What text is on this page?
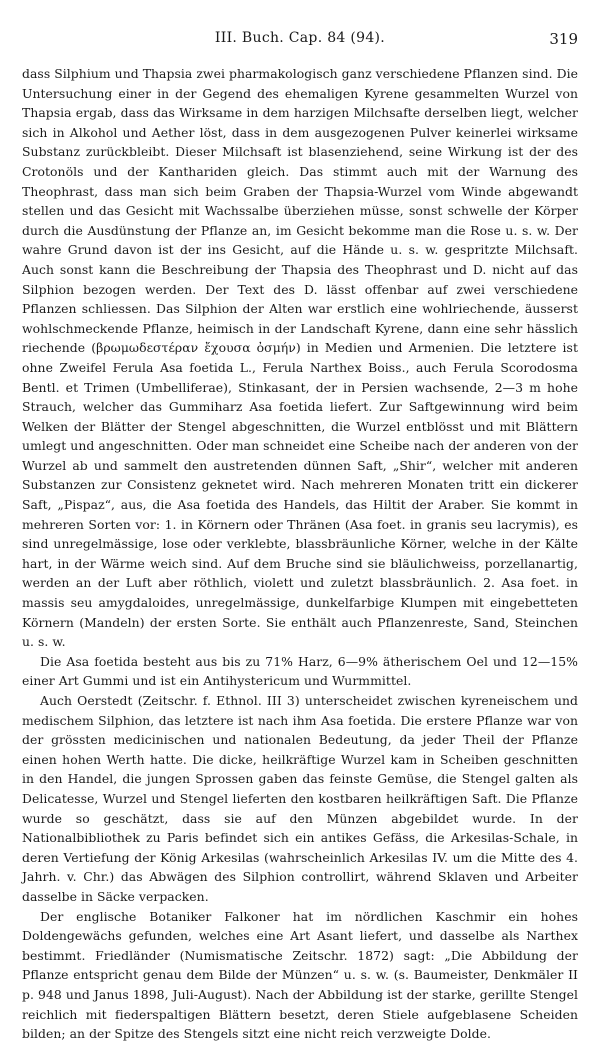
III. Buch. Cap. 84 (94).	319

dass Silphium und Thapsia zwei pharmakologisch ganz verschiedene Pflanzen sind. Die Untersuchung einer in der Gegend des ehemaligen Kyrene gesammelten Wurzel von Thapsia ergab, dass das Wirksame in dem harzigen Milchsafte derselben liegt, welcher sich in Alkohol und Aether löst, dass in dem ausgezogenen Pulver keinerlei wirksame Substanz zurückbleibt. Dieser Milchsaft ist blasenziehend, seine Wirkung ist der des Crotonöls und der Kanthariden gleich. Das stimmt auch mit der Warnung des Theophrast, dass man sich beim Graben der Thapsia-Wurzel vom Winde abgewandt stellen und das Gesicht mit Wachssalbe überziehen müsse, sonst schwelle der Körper durch die Ausdünstung der Pflanze an, im Gesicht bekomme man die Rose u. s. w. Der wahre Grund davon ist der ins Gesicht, auf die Hände u. s. w. gespritzte Milchsaft. Auch sonst kann die Beschreibung der Thapsia des Theophrast und D. nicht auf das Silphion bezogen werden. Der Text des D. lässt offenbar auf zwei verschiedene Pflanzen schliessen. Das Silphion der Alten war erstlich eine wohlriechende, äusserst wohlschmeckende Pflanze, heimisch in der Landschaft Kyrene, dann eine sehr hässlich riechende (βρωμωδεστέραν ἔχουσα ὀσμήν) in Medien und Armenien. Die letztere ist ohne Zweifel Ferula Asa foetida L., Ferula Narthex Boiss., auch Ferula Scorodosma Bentl. et Trimen (Umbelliferae), Stinkasant, der in Persien wachsende, 2—3 m hohe Strauch, welcher das Gummiharz Asa foetida liefert. Zur Saftgewinnung wird beim Welken der Blätter der Stengel abgeschnitten, die Wurzel entblösst und mit Blättern umlegt und angeschnitten. Oder man schneidet eine Scheibe nach der anderen von der Wurzel ab und sammelt den austretenden dünnen Saft, „Shir“, welcher mit anderen Substanzen zur Consistenz geknetet wird. Nach mehreren Monaten tritt ein dickerer Saft, „Pispaz“, aus, die Asa foetida des Handels, das Hiltit der Araber. Sie kommt in mehreren Sorten vor: 1. in Körnern oder Thränen (Asa foet. in granis seu lacrymis), es sind unregelmässige, lose oder verklebte, blassbräunliche Körner, welche in der Kälte hart, in der Wärme weich sind. Auf dem Bruche sind sie bläulichweiss, porzellanartig, werden an der Luft aber röthlich, violett und zuletzt blassbräunlich. 2. Asa foet. in massis seu amygdaloides, unregelmässige, dunkelfarbige Klumpen mit eingebetteten Körnern (Mandeln) der ersten Sorte. Sie enthält auch Pflanzenreste, Sand, Steinchen u. s. w.

Die Asa foetida besteht aus bis zu 71% Harz, 6—9% ätherischem Oel und 12—15% einer Art Gummi und ist ein Antihystericum und Wurmmittel.

Auch Oerstedt (Zeitschr. f. Ethnol. III 3) unterscheidet zwischen kyreneischem und medischem Silphion, das letztere ist nach ihm Asa foetida. Die erstere Pflanze war von der grössten medicinischen und nationalen Bedeutung, da jeder Theil der Pflanze einen hohen Werth hatte. Die dicke, heilkräftige Wurzel kam in Scheiben geschnitten in den Handel, die jungen Sprossen gaben das feinste Gemüse, die Stengel galten als Delicatesse, Wurzel und Stengel lieferten den kostbaren heilkräftigen Saft. Die Pflanze wurde so geschätzt, dass sie auf den Münzen abgebildet wurde. In der Nationalbibliothek zu Paris befindet sich ein antikes Gefäss, die Arkesilas-Schale, in deren Vertiefung der König Arkesilas (wahrscheinlich Arkesilas IV. um die Mitte des 4. Jahrh. v. Chr.) das Abwägen des Silphion controllirt, während Sklaven und Arbeiter dasselbe in Säcke verpacken.

Der englische Botaniker Falkoner hat im nördlichen Kaschmir ein hohes Doldengewächs gefunden, welches eine Art Asant liefert, und dasselbe als Narthex bestimmt. Friedländer (Numismatische Zeitschr. 1872) sagt: „Die Abbildung der Pflanze entspricht genau dem Bilde der Münzen“ u. s. w. (s. Baumeister, Denkmäler II p. 948 und Janus 1898, Juli-August). Nach der Abbildung ist der starke, gerillte Stengel reichlich mit fiederspaltigen Blättern besetzt, deren Stiele aufgeblasene Scheiden bilden; an der Spitze des Stengels sitzt eine nicht reich verzweigte Dolde.
